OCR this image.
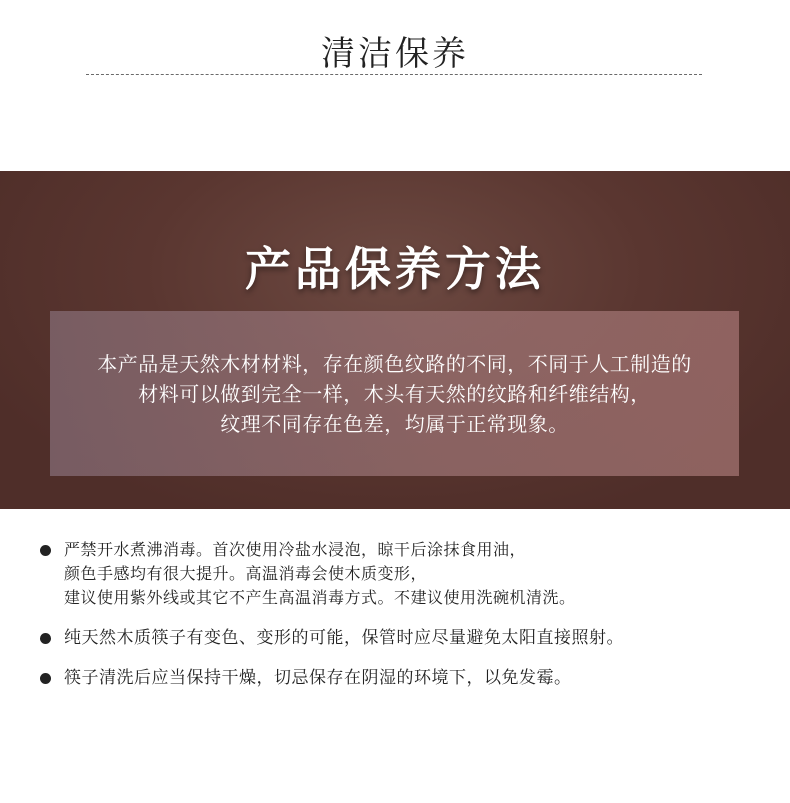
清洁保养
产品保养方法
本产品是天然木材材料，存在颜色纹路的不同，不同于人工制造的
材料可以做到完全一样，木头有天然的纹路和纤维结构，
纹理不同存在色差，均属于正常现象。
严禁开水煮沸消毒。首次使用冷盐水浸泡，晾干后涂抹食用油，
颜色手感均有很大提升。高温消毒会使木质变形，
建议使用紫外线或其它不产生高温消毒方式。不建议使用洗碗机清洗。
纯天然木质筷子有变色、变形的可能，保管时应尽量避免太阳直接照射。
筷子清洗后应当保持干燥，切忌保存在阴湿的环境下，以免发霉。
